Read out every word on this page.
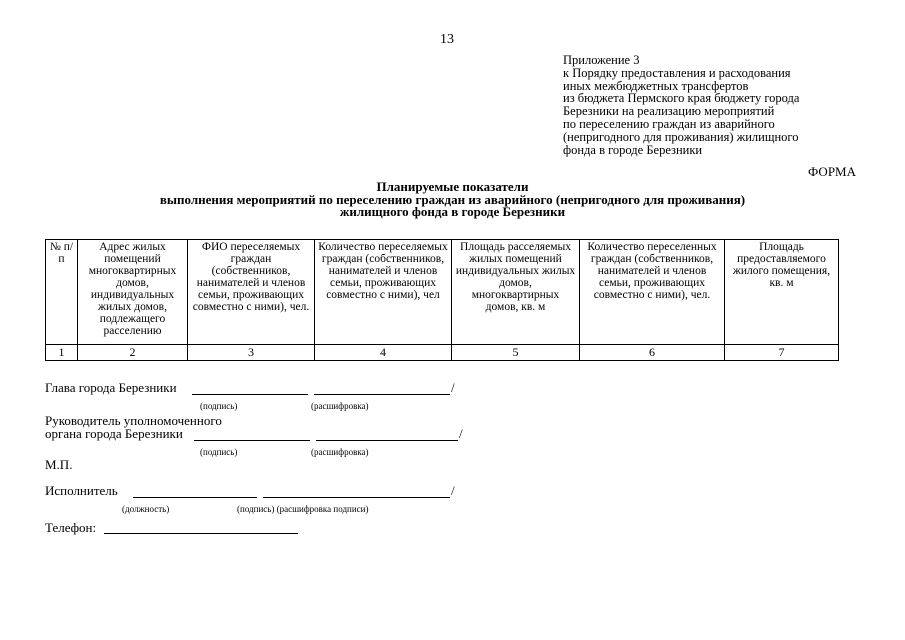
13
Приложение 3
к Порядку предоставления и расходования
иных межбюджетных трансфертов
из бюджета Пермского края бюджету города
Березники на реализацию мероприятий
по переселению граждан из аварийного
(непригодного для проживания) жилищного
фонда в городе Березники
ФОРМА
Планируемые показатели
выполнения мероприятий по переселению граждан из аварийного (непригодного для проживания)
жилищного фонда в городе Березники
№ п/п	Адрес жилых помещений многоквартирных домов, индивидуальных жилых домов, подлежащего расселению	ФИО переселяемых граждан (собственников, нанимателей и членов семьи, проживающих совместно с ними), чел.	Количество переселяемых граждан (собственников, нанимателей и членов семьи, проживающих совместно с ними), чел	Площадь расселяемых жилых помещений индивидуальных жилых домов, многоквартирных домов, кв. м	Количество переселенных граждан (собственников, нанимателей и членов семьи, проживающих совместно с ними), чел.	Площадь предоставляемого жилого помещения, кв. м
1	2	3	4	5	6	7
Глава города Березники	/
(подпись)	(расшифровка)
Руководитель уполномоченного
органа города Березники	/
(подпись)	(расшифровка)
М.П.
Исполнитель	/
(должность)	(подпись) (расшифровка подписи)
Телефон:
